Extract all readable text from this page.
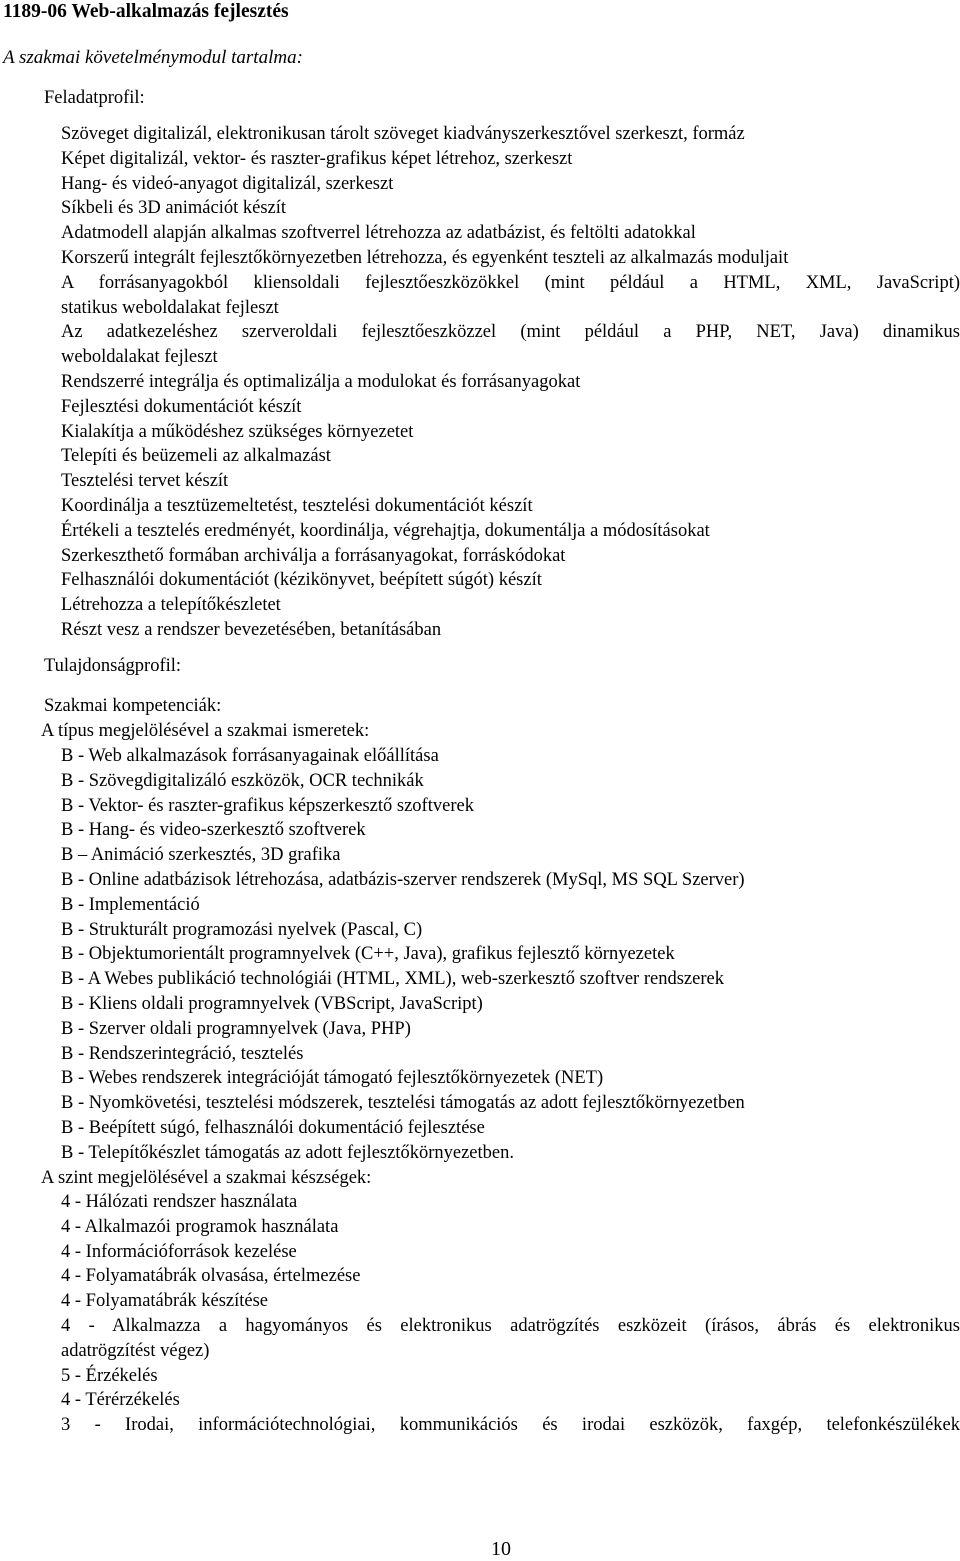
1189-06 Web-alkalmazás fejlesztés
A szakmai követelménymodul tartalma:
Feladatprofil:
Szöveget digitalizál, elektronikusan tárolt szöveget kiadványszerkesztővel szerkeszt, formáz
Képet digitalizál, vektor- és raszter-grafikus képet létrehoz, szerkeszt
Hang- és videó-anyagot digitalizál, szerkeszt
Síkbeli és 3D animációt készít
Adatmodell alapján alkalmas szoftverrel létrehozza az adatbázist, és feltölti adatokkal
Korszerű integrált fejlesztőkörnyezetben létrehozza, és egyenként teszteli az alkalmazás moduljait
A forrásanyagokból kliensoldali fejlesztőeszközökkel (mint például a HTML, XML, JavaScript)
statikus weboldalakat fejleszt
Az adatkezeléshez szerveroldali fejlesztőeszközzel (mint például a PHP, NET, Java) dinamikus
weboldalakat fejleszt
Rendszerré integrálja és optimalizálja a modulokat és forrásanyagokat
Fejlesztési dokumentációt készít
Kialakítja a működéshez szükséges környezetet
Telepíti és beüzemeli az alkalmazást
Tesztelési tervet készít
Koordinálja a tesztüzemeltetést, tesztelési dokumentációt készít
Értékeli a tesztelés eredményét, koordinálja, végrehajtja, dokumentálja a módosításokat
Szerkeszthető formában archiválja a forrásanyagokat, forráskódokat
Felhasználói dokumentációt (kézikönyvet, beépített súgót) készít
Létrehozza a telepítőkészletet
Részt vesz a rendszer bevezetésében, betanításában
Tulajdonságprofil:
Szakmai kompetenciák:
A típus megjelölésével a szakmai ismeretek:
B - Web alkalmazások forrásanyagainak előállítása
B - Szövegdigitalizáló eszközök, OCR technikák
B - Vektor- és raszter-grafikus képszerkesztő szoftverek
B - Hang- és video-szerkesztő szoftverek
B – Animáció szerkesztés, 3D grafika
B - Online adatbázisok létrehozása, adatbázis-szerver rendszerek (MySql, MS SQL Szerver)
B - Implementáció
B - Strukturált programozási nyelvek (Pascal, C)
B - Objektumorientált programnyelvek (C++, Java), grafikus fejlesztő környezetek
B - A Webes publikáció technológiái (HTML, XML), web-szerkesztő szoftver rendszerek
B - Kliens oldali programnyelvek (VBScript, JavaScript)
B - Szerver oldali programnyelvek (Java, PHP)
B - Rendszerintegráció, tesztelés
B - Webes rendszerek integrációját támogató fejlesztőkörnyezetek (NET)
B - Nyomkövetési, tesztelési módszerek, tesztelési támogatás az adott fejlesztőkörnyezetben
B - Beépített súgó, felhasználói dokumentáció fejlesztése
B - Telepítőkészlet támogatás az adott fejlesztőkörnyezetben.
A szint megjelölésével a szakmai készségek:
4 - Hálózati rendszer használata
4 - Alkalmazói programok használata
4 - Információforrások kezelése
4 - Folyamatábrák olvasása, értelmezése
4 - Folyamatábrák készítése
4 - Alkalmazza a hagyományos és elektronikus adatrögzítés eszközeit (írásos, ábrás és elektronikus
adatrögzítést végez)
5 - Érzékelés
4 - Térérzékelés
3 - Irodai, információtechnológiai, kommunikációs és irodai eszközök, faxgép, telefonkészülékek
10
